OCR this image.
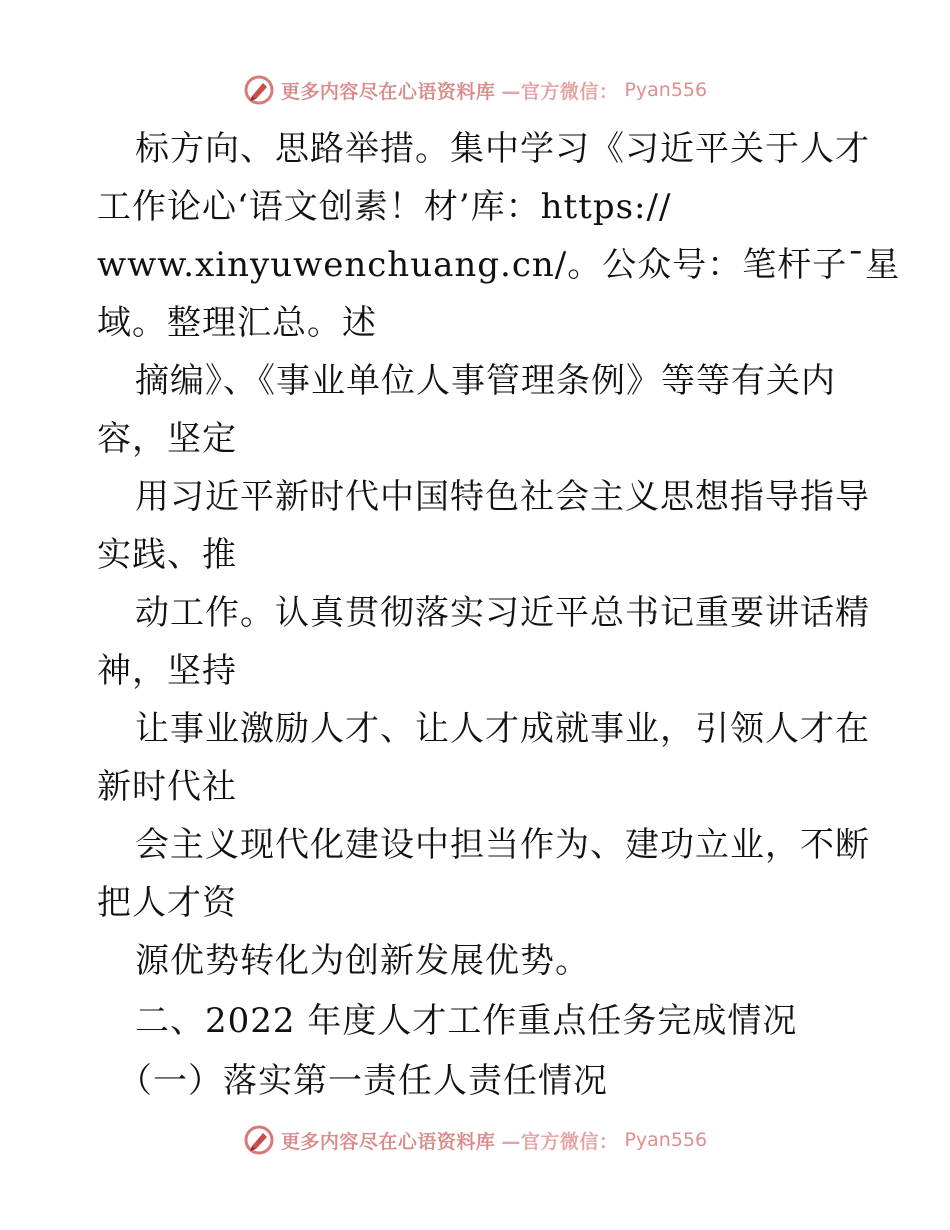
更多内容尽在心语资料库 —官方微信： Pyan556
标方向、思路举措。集中学习《习近平关于人才
工作论心‘语文创素！材’库：https://
www.xinyuwenchuang.cn/。公众号：笔杆子¯星
域。整理汇总。述
摘编》、《事业单位人事管理条例》等等有关内
容，坚定
用习近平新时代中国特色社会主义思想指导指导
实践、推
动工作。认真贯彻落实习近平总书记重要讲话精
神，坚持
让事业激励人才、让人才成就事业，引领人才在
新时代社
会主义现代化建设中担当作为、建功立业，不断
把人才资
源优势转化为创新发展优势。
二、2022 年度人才工作重点任务完成情况
（一）落实第一责任人责任情况
更多内容尽在心语资料库 —官方微信： Pyan556
